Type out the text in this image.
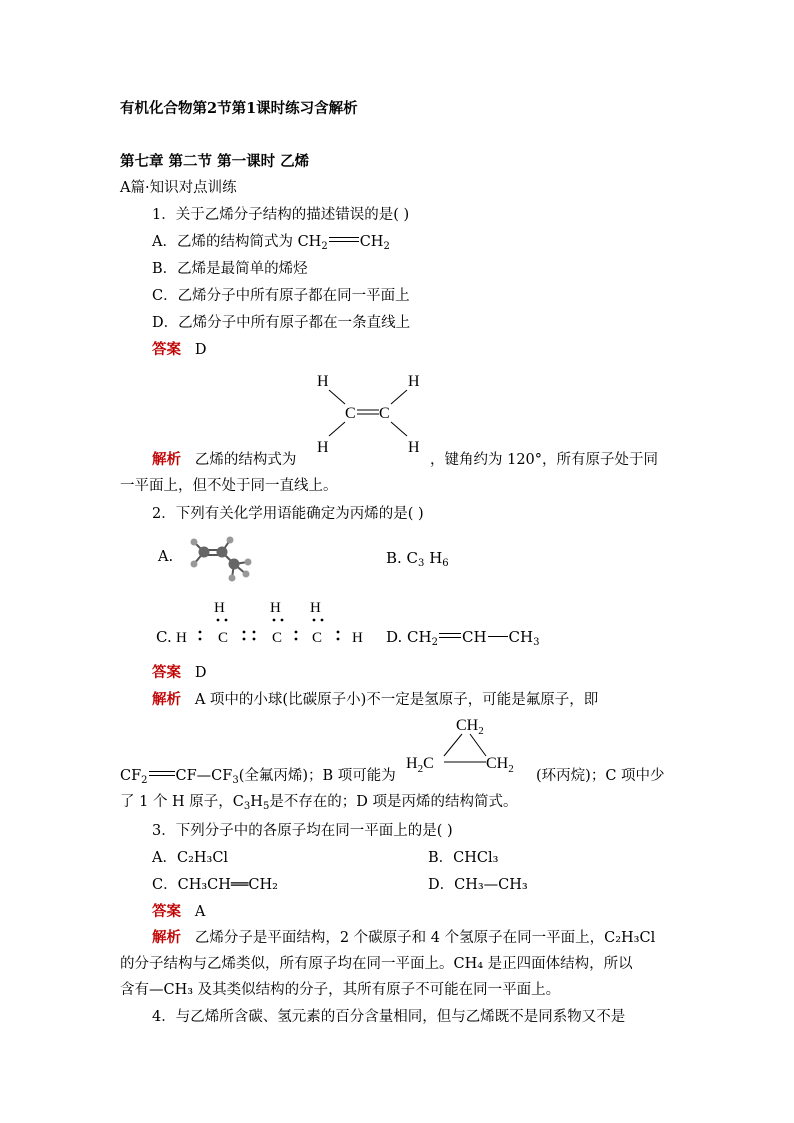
有机化合物第2节第1课时练习含解析
第七章 第二节 第一课时 乙烯
A篇·知识对点训练
1．关于乙烯分子结构的描述错误的是( )
A．乙烯的结构简式为 $CH_2$ $CH_2$
B．乙烯是最简单的烯烃
C．乙烯分子中所有原子都在同一平面上
D．乙烯分子中所有原子都在一条直线上
答案 D
H	H
C C
H	H
解析 乙烯的结构式为	，键角约为 120°，所有原子处于同
一平面上，但不处于同一直线上。
2．下列有关化学用语能确定为丙烯的是( )
A.	B. $C_3$ $H_6$
C.
H	H H
H C	C C H D. $CH_2$ CH $CH_3$
答案 D
解析 A 项中的小球(比碳原子小)不一定是氢原子，可能是氟原子，即
$CH_2$
$H_2C$	$CH_2$
$CF_2$ $CF—CF_3$(全氟丙烯)；B 项可能为	(环丙烷)；C 项中少
了 1 个 H 原子，$C_3H_5$是不存在的；D 项是丙烯的结构简式。
3．下列分子中的各原子均在同一平面上的是( )
A．C₂H₃Cl	B．CHCl₃
C．CH₃CH══CH₂	D．CH₃—CH₃
答案 A
解析 乙烯分子是平面结构，2 个碳原子和 4 个氢原子在同一平面上，C₂H₃Cl
的分子结构与乙烯类似，所有原子均在同一平面上。CH₄ 是正四面体结构，所以
含有—CH₃ 及其类似结构的分子，其所有原子不可能在同一平面上。
4．与乙烯所含碳、氢元素的百分含量相同，但与乙烯既不是同系物又不是
